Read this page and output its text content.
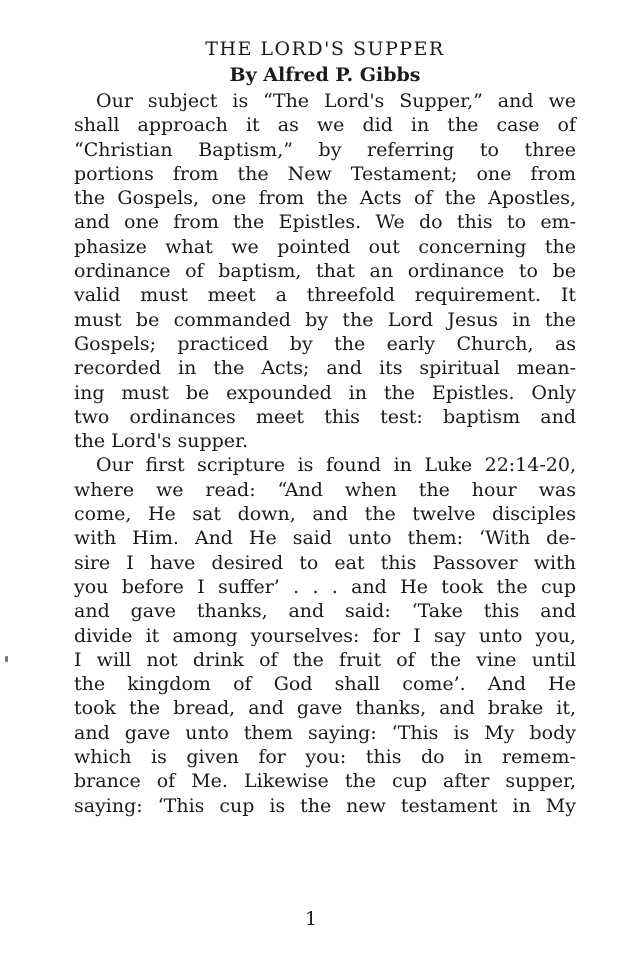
THE LORD'S SUPPER
By Alfred P. Gibbs
Our subject is “The Lord's Supper,” and we
shall approach it as we did in the case of
“Christian Baptism,” by referring to three
portions from the New Testament; one from
the Gospels, one from the Acts of the Apostles,
and one from the Epistles. We do this to em-
phasize what we pointed out concerning the
ordinance of baptism, that an ordinance to be
valid must meet a threefold requirement. It
must be commanded by the Lord Jesus in the
Gospels; practiced by the early Church, as
recorded in the Acts; and its spiritual mean-
ing must be expounded in the Epistles. Only
two ordinances meet this test: baptism and
the Lord's supper.
Our first scripture is found in Luke 22:14-20,
where we read: “And when the hour was
come, He sat down, and the twelve disciples
with Him. And He said unto them: ‘With de-
sire I have desired to eat this Passover with
you before I suffer’ . . . and He took the cup
and gave thanks, and said: ‘Take this and
divide it among yourselves: for I say unto you,
I will not drink of the fruit of the vine until
the kingdom of God shall come’. And He
took the bread, and gave thanks, and brake it,
and gave unto them saying: ‘This is My body
which is given for you: this do in remem-
brance of Me. Likewise the cup after supper,
saying: ‘This cup is the new testament in My
1
